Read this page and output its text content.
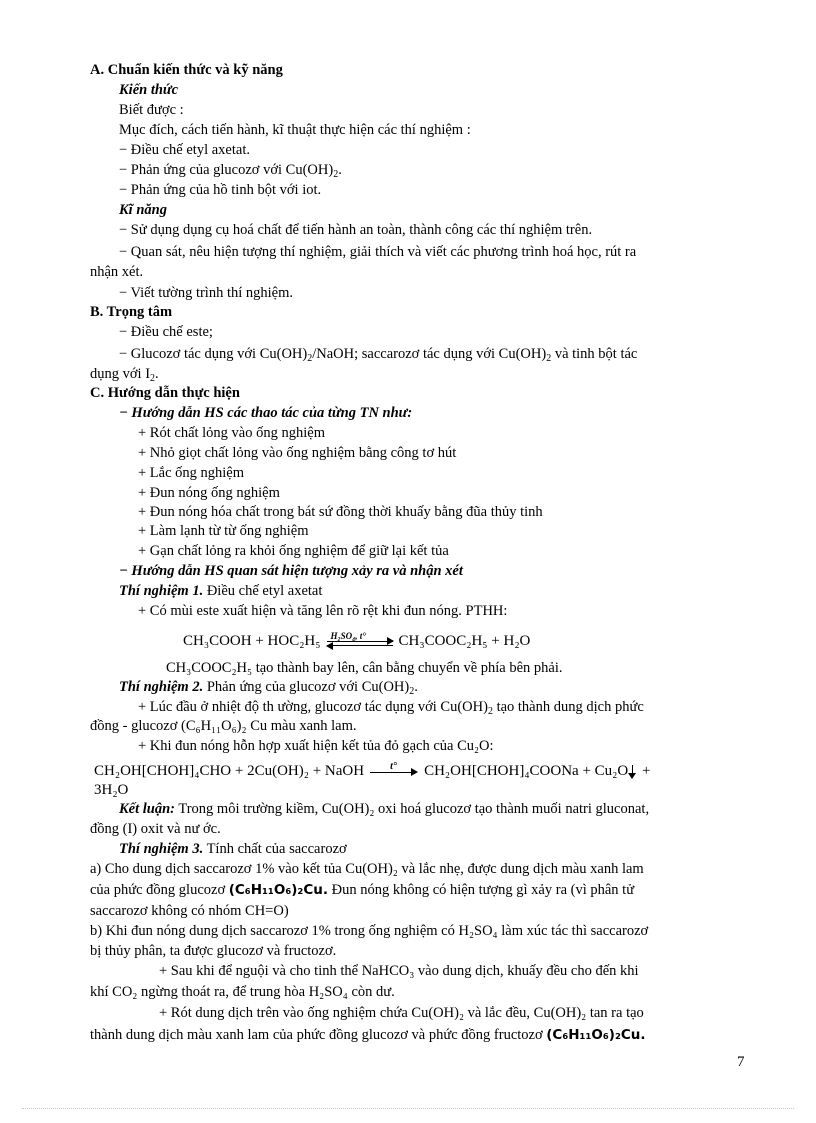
A. Chuẩn kiến thức và kỹ năng
Kiến thức
Biết được :
Mục đích, cách tiến hành, kĩ thuật thực hiện các thí nghiệm :
− Điều chế etyl axetat.
− Phản ứng của glucozơ với $Cu(OH)_2$.
− Phản ứng của hồ tinh bột với iot.
Kĩ năng
− Sử dụng dụng cụ hoá chất để tiến hành an toàn, thành công các thí nghiệm trên.
− Quan sát, nêu hiện tượng thí nghiệm, giải thích và viết các phương trình hoá học, rút ra
nhận xét.
− Viết tường trình thí nghiệm.
B. Trọng tâm
− Điều chế este;
− Glucozơ tác dụng với $Cu(OH)_2$/NaOH; saccarozơ tác dụng với $Cu(OH)_2$ và tinh bột tác
dụng với $I_2$.
C. Hướng dẫn thực hiện
− Hướng dẫn HS các thao tác của từng TN như:
+ Rót chất lỏng vào ống nghiệm
+ Nhỏ giọt chất lỏng vào ống nghiệm bằng công tơ hút
+ Lắc ống nghiệm
+ Đun nóng ống nghiệm
+ Đun nóng hóa chất trong bát sứ đồng thời khuấy bằng đũa thủy tinh
+ Làm lạnh từ từ ống nghiệm
+ Gạn chất lỏng ra khỏi ống nghiệm để giữ lại kết tủa
− Hướng dẫn HS quan sát hiện tượng xảy ra và nhận xét
Thí nghiệm 1. Điều chế etyl axetat
+ Có mùi este xuất hiện và tăng lên rõ rệt khi đun nóng. PTHH:
CH₃COOH + HOC₂H₅ H₂SO₄, t° CH₃COOC₂H₅ + H₂O
CH₃COOC₂H₅ tạo thành bay lên, cân bằng chuyển về phía bên phải.
Thí nghiệm 2. Phản ứng của glucozơ với $Cu(OH)_2$.
+ Lúc đầu ở nhiệt độ th ường, glucozơ tác dụng với $Cu(OH)_2$ tạo thành dung dịch phức
đồng - glucozơ (C₆H₁₁O₆)₂ Cu màu xanh lam.
+ Khi đun nóng hỗn hợp xuất hiện kết tủa đỏ gạch của Cu₂O:
CH₂OH[CHOH]₄CHO + 2Cu(OH)₂ + NaOH	t° CH₂OH[CHOH]₄COONa + Cu₂O
+
3H₂O
Kết luận: Trong môi trường kiềm, Cu(OH)₂ oxi hoá glucozơ tạo thành muối natri gluconat,
đồng (I) oxit và nư ớc.
Thí nghiệm 3. Tính chất của saccarozơ
a) Cho dung dịch saccarozơ 1% vào kết tủa Cu(OH)₂ và lắc nhẹ, được dung dịch màu xanh lam
của phức đồng glucozơ (C₆H₁₁O₆)₂Cu. Đun nóng không có hiện tượng gì xảy ra (vì phân tử
saccarozơ không có nhóm CH=O)
b) Khi đun nóng dung dịch saccarozơ 1% trong ống nghiệm có H₂SO₄ làm xúc tác thì saccarozơ
bị thủy phân, ta được glucozơ và fructozơ.
+ Sau khi để nguội và cho tinh thể NaHCO₃ vào dung dịch, khuấy đều cho đến khi
khí CO₂ ngừng thoát ra, để trung hòa H₂SO₄ còn dư.
+ Rót dung dịch trên vào ống nghiệm chứa Cu(OH)₂ và lắc đều, Cu(OH)₂ tan ra tạo
thành dung dịch màu xanh lam của phức đồng glucozơ và phức đồng fructozơ (C₆H₁₁O₆)₂Cu.
7
